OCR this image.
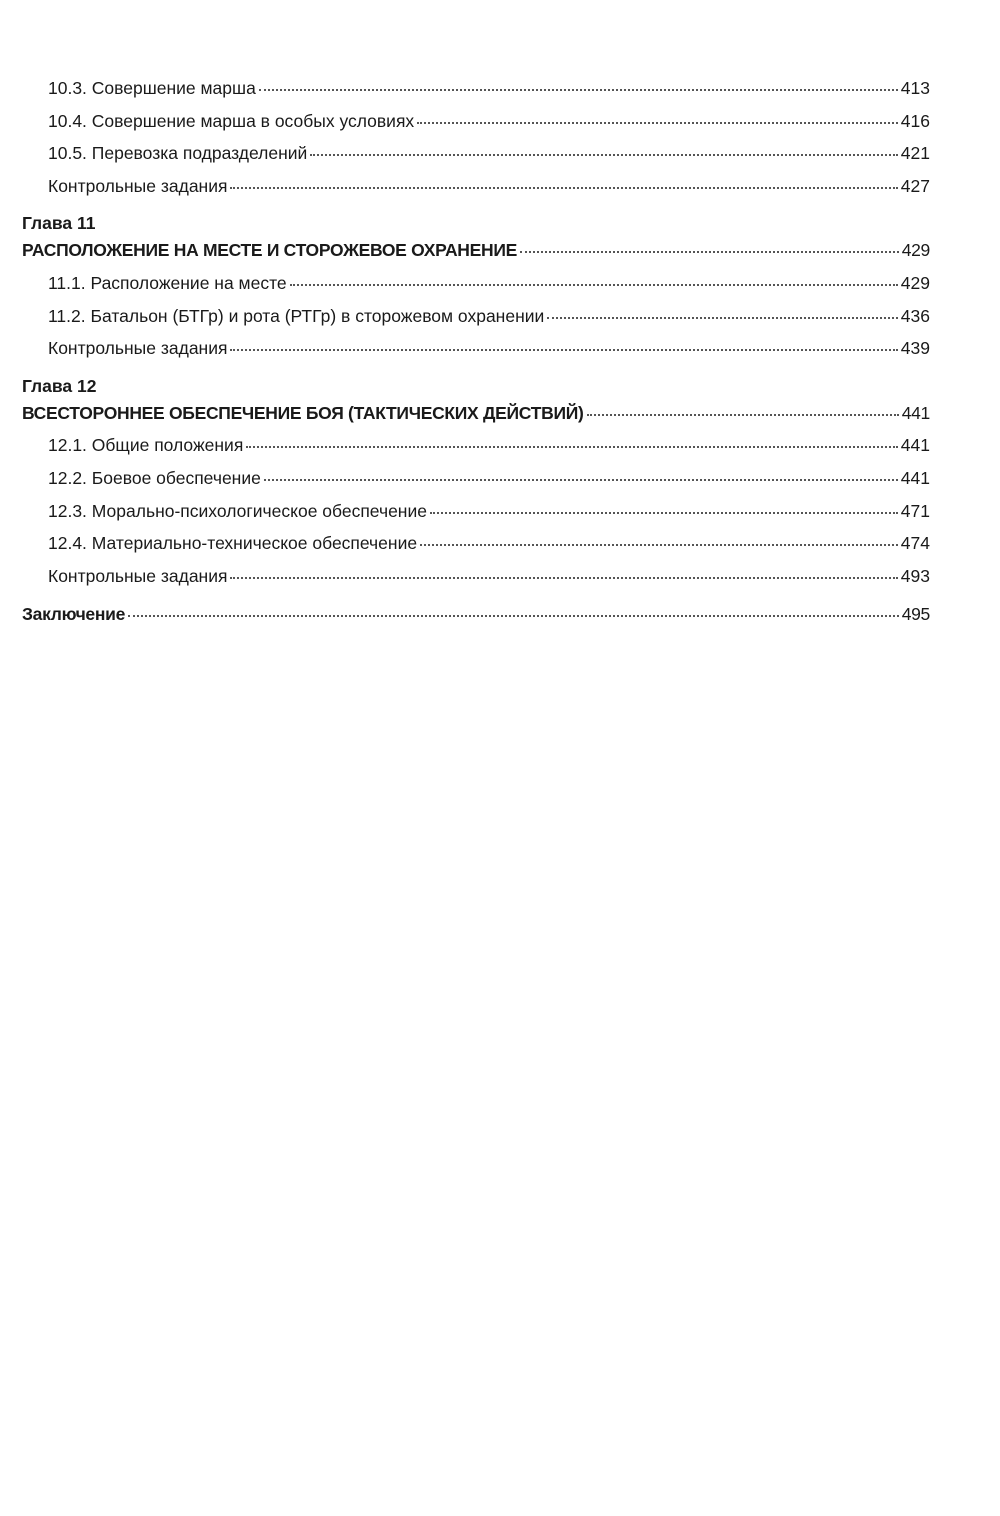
10.3. Совершение марша	413
10.4. Совершение марша в особых условиях	416
10.5. Перевозка подразделений	421
Контрольные задания	427
Глава 11
РАСПОЛОЖЕНИЕ НА МЕСТЕ И СТОРОЖЕВОЕ ОХРАНЕНИЕ	429
11.1. Расположение на месте	429
11.2. Батальон (БТГр) и рота (РТГр) в сторожевом охранении	436
Контрольные задания	439
Глава 12
ВСЕСТОРОННЕЕ ОБЕСПЕЧЕНИЕ БОЯ (ТАКТИЧЕСКИХ ДЕЙСТВИЙ)	441
12.1. Общие положения	441
12.2. Боевое обеспечение	441
12.3. Морально-психологическое обеспечение	471
12.4. Материально-техническое обеспечение	474
Контрольные задания	493
Заключение	495
